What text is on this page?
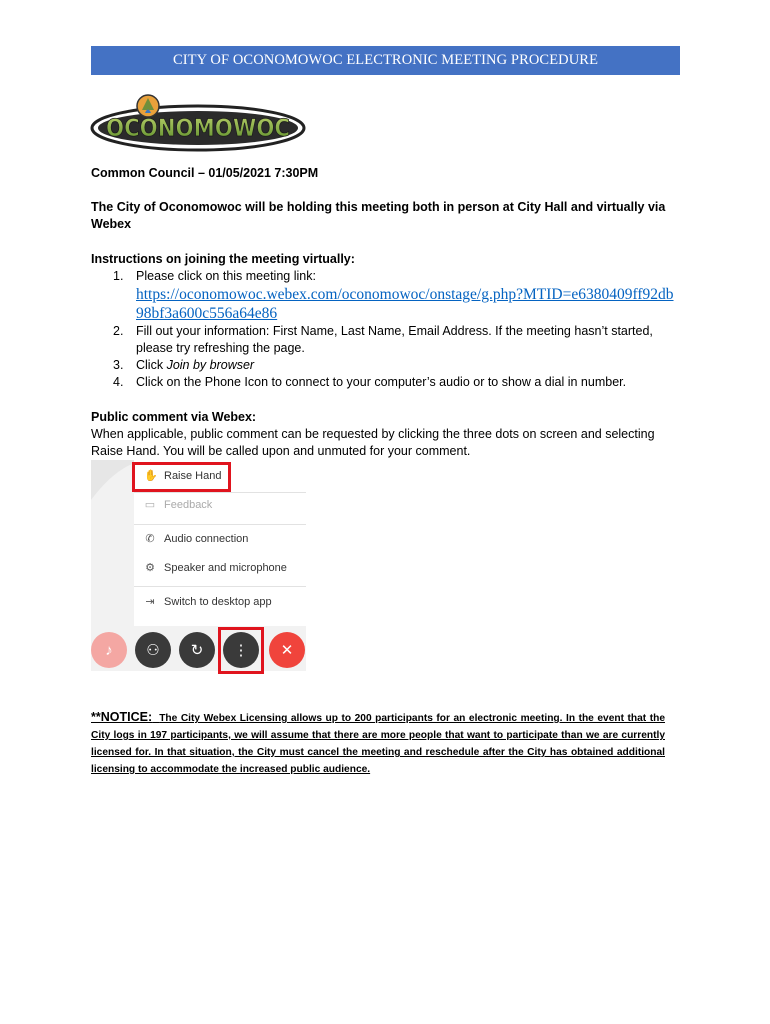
CITY OF OCONOMOWOC ELECTRONIC MEETING PROCEDURE
OCONOMOWOC
Common Council – 01/05/2021 7:30PM
The City of Oconomowoc will be holding this meeting both in person at City Hall and virtually via Webex
Instructions on joining the meeting virtually:
1. Please click on this meeting link:
https://oconomowoc.webex.com/oconomowoc/onstage/g.php?MTID=e6380409ff92db98bf3a600c556a64e86
2. Fill out your information: First Name, Last Name, Email Address. If the meeting hasn’t started, please try refreshing the page.
3. Click Join by browser
4. Click on the Phone Icon to connect to your computer’s audio or to show a dial in number.
Public comment via Webex:
When applicable, public comment can be requested by clicking the three dots on screen and selecting Raise Hand. You will be called upon and unmuted for your comment.
✋ Raise Hand
▭ Feedback
✆ Audio connection
⚙ Speaker and microphone
⇥ Switch to desktop app
♪ ⚇ ↻ ⋮ ✕
**NOTICE: The City Webex Licensing allows up to 200 participants for an electronic meeting. In the event that the City logs in 197 participants, we will assume that there are more people that want to participate than we are currently licensed for. In that situation, the City must cancel the meeting and reschedule after the City has obtained additional licensing to accommodate the increased public audience.
